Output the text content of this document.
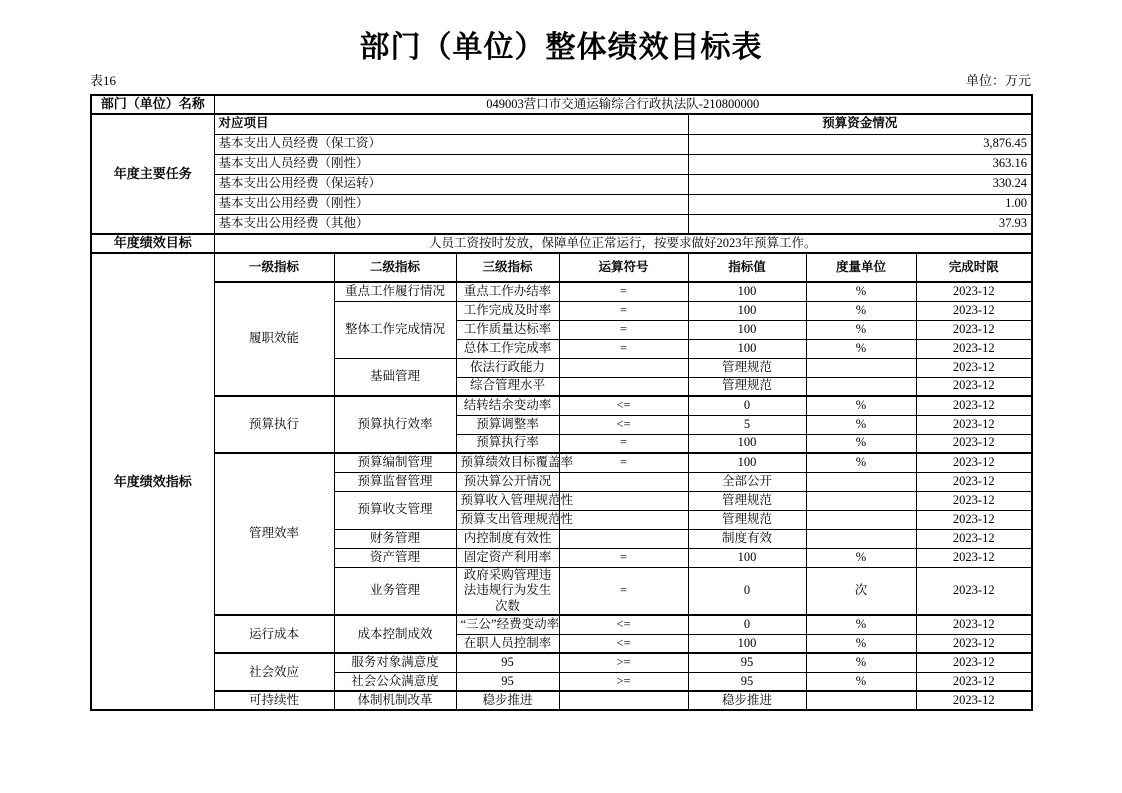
部门（单位）整体绩效目标表
表16	单位：万元
部门（单位）名称	049003营口市交通运输综合行政执法队-210800000						
年度主要任务	对应项目				预算资金情况		
	基本支出人员经费（保工资）				3,876.45		
	基本支出人员经费（刚性）				363.16		
	基本支出公用经费（保运转）				330.24		
	基本支出公用经费（刚性）				1.00		
	基本支出公用经费（其他）				37.93		
年度绩效目标	人员工资按时发放，保障单位正常运行，按要求做好2023年预算工作。						
年度绩效指标	一级指标	二级指标	三级指标	运算符号	指标值	度量单位	完成时限
	履职效能	重点工作履行情况	重点工作办结率	=	100	%	2023-12
		整体工作完成情况	工作完成及时率	=	100	%	2023-12
			工作质量达标率	=	100	%	2023-12
			总体工作完成率	=	100	%	2023-12
		基础管理	依法行政能力		管理规范		2023-12
			综合管理水平		管理规范		2023-12
	预算执行	预算执行效率	结转结余变动率	<=	0	%	2023-12
			预算调整率	<=	5	%	2023-12
			预算执行率	=	100	%	2023-12
	管理效率	预算编制管理	预算绩效目标覆盖率	=	100	%	2023-12
		预算监督管理	预决算公开情况		全部公开		2023-12
		预算收支管理	预算收入管理规范性		管理规范		2023-12
			预算支出管理规范性		管理规范		2023-12
		财务管理	内控制度有效性		制度有效		2023-12
		资产管理	固定资产利用率	=	100	%	2023-12
		业务管理	政府采购管理违法违规行为发生次数	=	0	次	2023-12
	运行成本	成本控制成效	“三公”经费变动率	<=	0	%	2023-12
			在职人员控制率	<=	100	%	2023-12
	社会效应	服务对象满意度	95	>=	95	%	2023-12
		社会公众满意度	95	>=	95	%	2023-12
	可持续性	体制机制改革	稳步推进		稳步推进		2023-12
